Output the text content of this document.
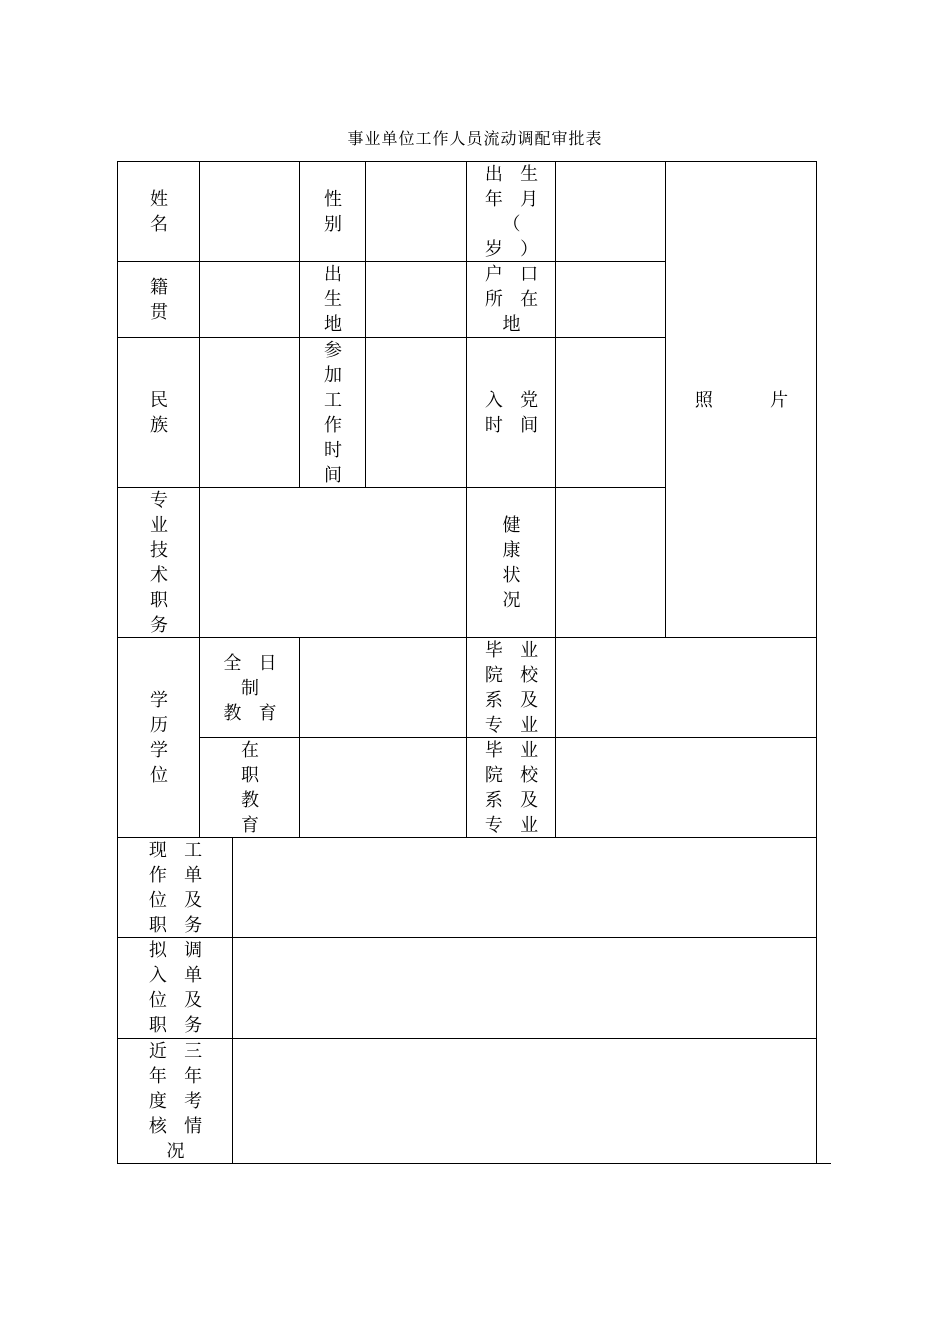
事业单位工作人员流动调配审批表
姓
名
性
别
出   生
年   月
（
岁   ）
籍
贯
出
生
地
户   口
所   在
地
民
族
参
加
工
作
时
间
入   党
时   间
照          片
专
业
技
术
职
务
健
康
状
况
学
历
学
位
全   日
制
教   育
毕   业
院   校
系   及
专   业
在
职
教
育
毕   业
院   校
系   及
专   业
现   工
作   单
位   及
职   务
拟   调
入   单
位   及
职   务
近   三
年   年
度   考
核   情
况
